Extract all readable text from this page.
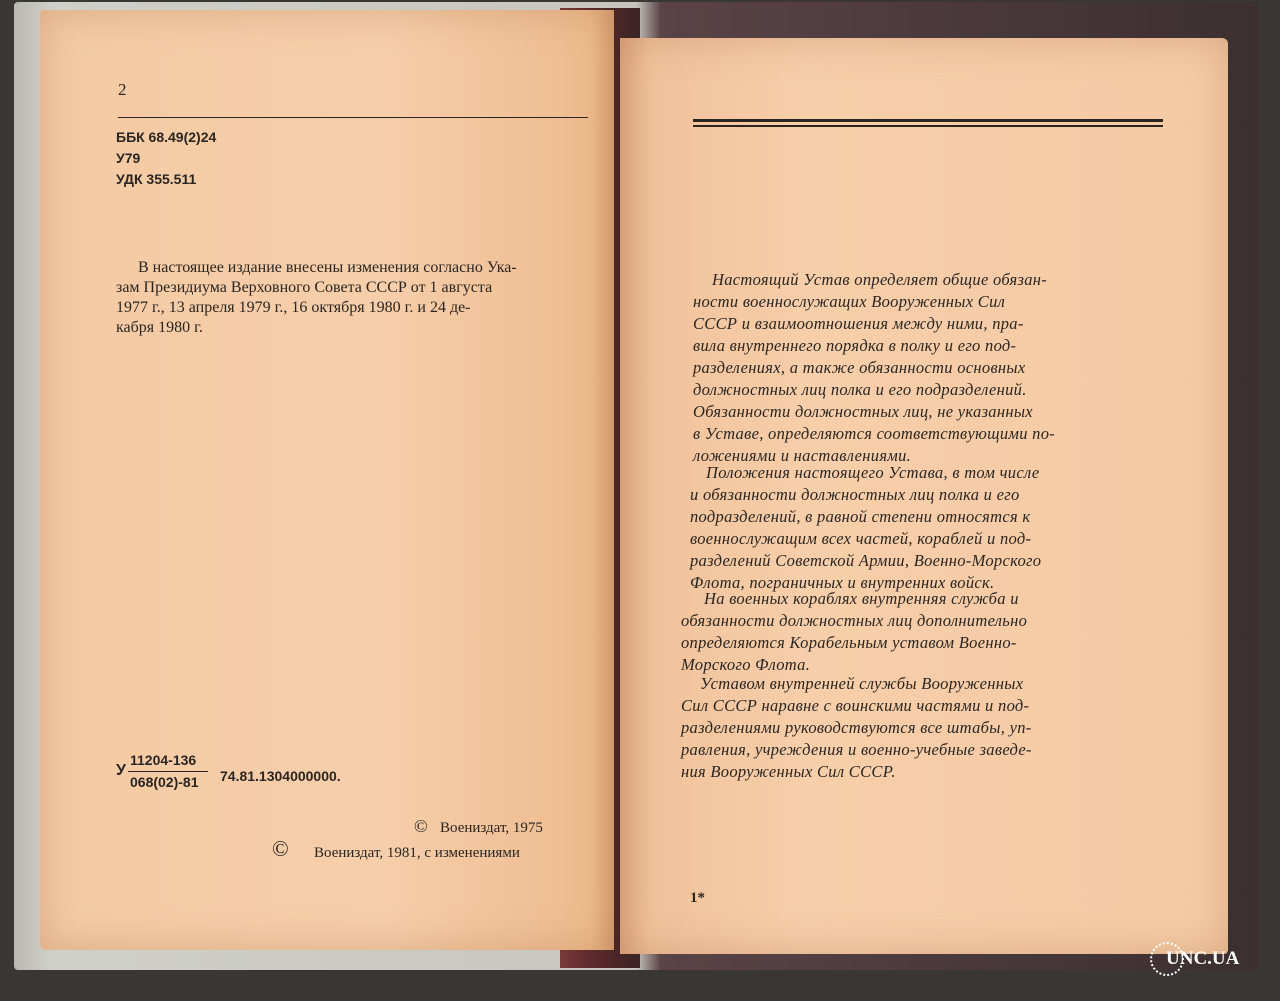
2
ББК 68.49(2)24
У79
УДК 355.511
В настоящее издание внесены изменения согласно Ука-
зам Президиума Верховного Совета СССР от 1 августа
1977 г., 13 апреля 1979 г., 16 октября 1980 г. и 24 де-
кабря 1980 г.
У
11204-136
068(02)-81 74.81.1304000000.
© Воениздат, 1975
© Воениздат, 1981, с изменениями
Настоящий Устав определяет общие обязан-
ности военнослужащих Вооруженных Сил
СССР и взаимоотношения между ними, пра-
вила внутреннего порядка в полку и его под-
разделениях, а также обязанности основных
должностных лиц полка и его подразделений.
Обязанности должностных лиц, не указанных
в Уставе, определяются соответствующими по-
ложениями и наставлениями.
Положения настоящего Устава, в том числе
и обязанности должностных лиц полка и его
подразделений, в равной степени относятся к
военнослужащим всех частей, кораблей и под-
разделений Советской Армии, Военно-Морского
Флота, пограничных и внутренних войск.
На военных кораблях внутренняя служба и
обязанности должностных лиц дополнительно
определяются Корабельным уставом Военно-
Морского Флота.
Уставом внутренней службы Вооруженных
Сил СССР наравне с воинскими частями и под-
разделениями руководствуются все штабы, уп-
равления, учреждения и военно-учебные заведе-
ния Вооруженных Сил СССР.
1*
UNC.UA
